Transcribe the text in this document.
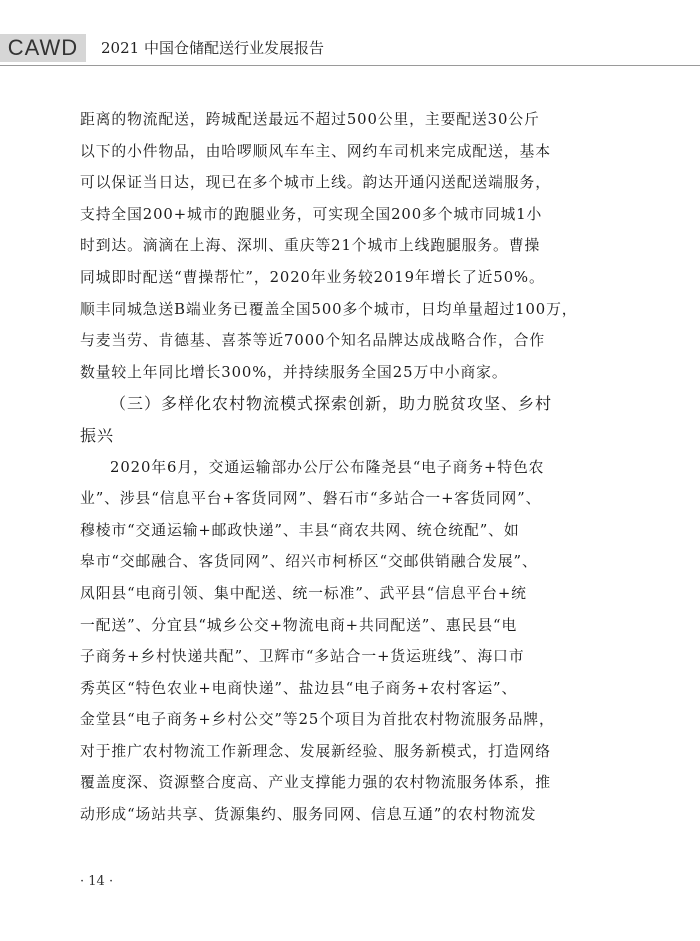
CAWD 2021 中国仓储配送行业发展报告
距离的物流配送，跨城配送最远不超过500公里，主要配送30公斤
以下的小件物品，由哈啰顺风车车主、网约车司机来完成配送，基本
可以保证当日达，现已在多个城市上线。韵达开通闪送配送端服务，
支持全国200+城市的跑腿业务，可实现全国200多个城市同城1小
时到达。滴滴在上海、深圳、重庆等21个城市上线跑腿服务。曹操
同城即时配送“曹操帮忙”，2020年业务较2019年增长了近50%。
顺丰同城急送B端业务已覆盖全国500多个城市，日均单量超过100万，
与麦当劳、肯德基、喜茶等近7000个知名品牌达成战略合作，合作
数量较上年同比增长300%，并持续服务全国25万中小商家。
（三）多样化农村物流模式探索创新，助力脱贫攻坚、乡村
振兴
2020年6月，交通运输部办公厅公布隆尧县“电子商务+特色农
业”、涉县“信息平台+客货同网”、磐石市“多站合一+客货同网”、
穆棱市“交通运输+邮政快递”、丰县“商农共网、统仓统配”、如
皋市“交邮融合、客货同网”、绍兴市柯桥区“交邮供销融合发展”、
凤阳县“电商引领、集中配送、统一标准”、武平县“信息平台+统
一配送”、分宜县“城乡公交+物流电商+共同配送”、惠民县“电
子商务+乡村快递共配”、卫辉市“多站合一+货运班线”、海口市
秀英区“特色农业+电商快递”、盐边县“电子商务+农村客运”、
金堂县“电子商务+乡村公交”等25个项目为首批农村物流服务品牌，
对于推广农村物流工作新理念、发展新经验、服务新模式，打造网络
覆盖度深、资源整合度高、产业支撑能力强的农村物流服务体系，推
动形成“场站共享、货源集约、服务同网、信息互通”的农村物流发
· 14 ·
